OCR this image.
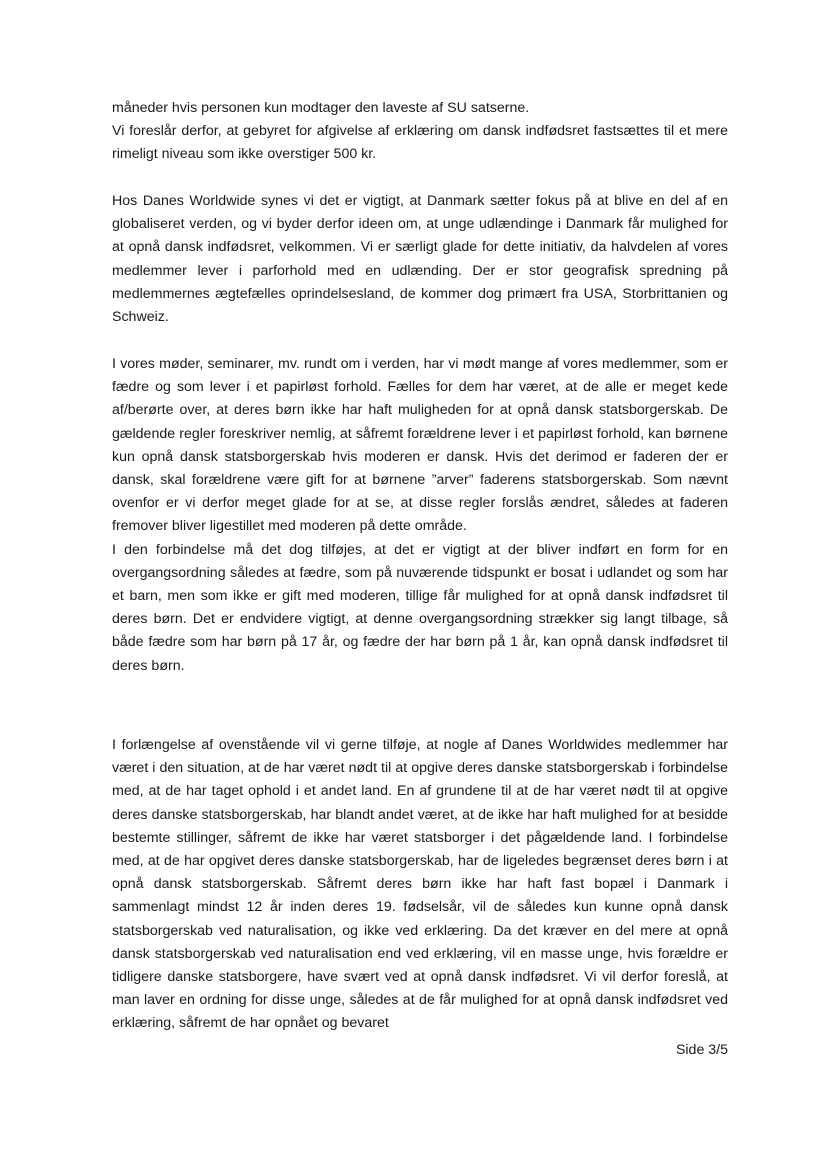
måneder hvis personen kun modtager den laveste af SU satserne.

Vi foreslår derfor, at gebyret for afgivelse af erklæring om dansk indfødsret fastsættes til et mere rimeligt niveau som ikke overstiger 500 kr.

Hos Danes Worldwide synes vi det er vigtigt, at Danmark sætter fokus på at blive en del af en globaliseret verden, og vi byder derfor ideen om, at unge udlændinge i Danmark får mulighed for at opnå dansk indfødsret, velkommen. Vi er særligt glade for dette initiativ, da halvdelen af vores medlemmer lever i parforhold med en udlænding. Der er stor geografisk spredning på medlemmernes ægtefælles oprindelsesland, de kommer dog primært fra USA, Storbrittanien og Schweiz.

I vores møder, seminarer, mv. rundt om i verden, har vi mødt mange af vores medlemmer, som er fædre og som lever i et papirløst forhold. Fælles for dem har været, at de alle er meget kede af/berørte over, at deres børn ikke har haft muligheden for at opnå dansk statsborgerskab. De gældende regler foreskriver nemlig, at såfremt forældrene lever i et papirløst forhold, kan børnene kun opnå dansk statsborgerskab hvis moderen er dansk. Hvis det derimod er faderen der er dansk, skal forældrene være gift for at børnene ”arver” faderens statsborgerskab. Som nævnt ovenfor er vi derfor meget glade for at se, at disse regler forslås ændret, således at faderen fremover bliver ligestillet med moderen på dette område.

I den forbindelse må det dog tilføjes, at det er vigtigt at der bliver indført en form for en overgangsordning således at fædre, som på nuværende tidspunkt er bosat i udlandet og som har et barn, men som ikke er gift med moderen, tillige får mulighed for at opnå dansk indfødsret til deres børn. Det er endvidere vigtigt, at denne overgangsordning strækker sig langt tilbage, så både fædre som har børn på 17 år, og fædre der har børn på 1 år, kan opnå dansk indfødsret til deres børn.

I forlængelse af ovenstående vil vi gerne tilføje, at nogle af Danes Worldwides medlemmer har været i den situation, at de har været nødt til at opgive deres danske statsborgerskab i forbindelse med, at de har taget ophold i et andet land. En af grundene til at de har været nødt til at opgive deres danske statsborgerskab, har blandt andet været, at de ikke har haft mulighed for at besidde bestemte stillinger, såfremt de ikke har været statsborger i det pågældende land. I forbindelse med, at de har opgivet deres danske statsborgerskab, har de ligeledes begrænset deres børn i at opnå dansk statsborgerskab. Såfremt deres børn ikke har haft fast bopæl i Danmark i sammenlagt mindst 12 år inden deres 19. fødselsår, vil de således kun kunne opnå dansk statsborgerskab ved naturalisation, og ikke ved erklæring. Da det kræver en del mere at opnå dansk statsborgerskab ved naturalisation end ved erklæring, vil en masse unge, hvis forældre er tidligere danske statsborgere, have svært ved at opnå dansk indfødsret. Vi vil derfor foreslå, at man laver en ordning for disse unge, således at de får mulighed for at opnå dansk indfødsret ved erklæring, såfremt de har opnået og bevaret

Side 3/5
